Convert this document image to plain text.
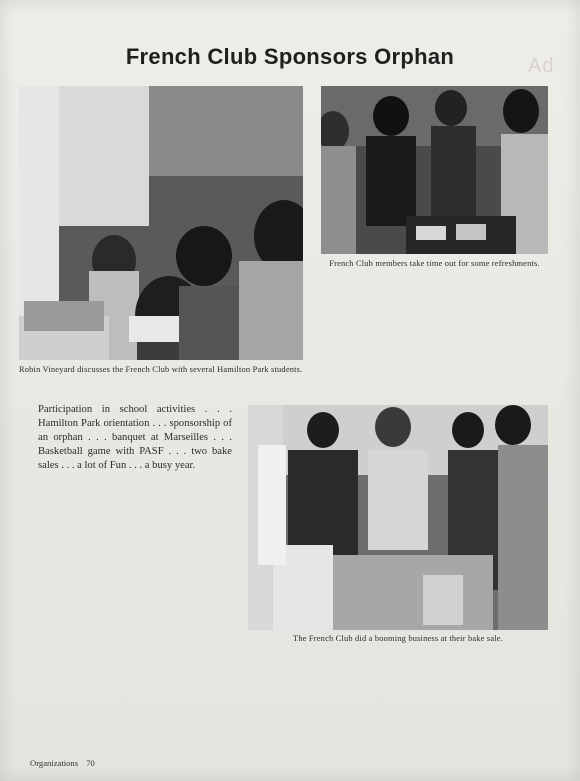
Ad
French Club Sponsors Orphan
Robin Vineyard discusses the French Club with several Hamilton Park students.
French Club members take time out for some refreshments.
Participation in school activities . . . Hamilton Park orientation . . . sponsorship of an orphan . . . banquet at Marseilles . . . Basketball game with PASF . . . two bake sales . . . a lot of Fun . . . a busy year.
The French Club did a booming business at their bake sale.
Organizations 70
